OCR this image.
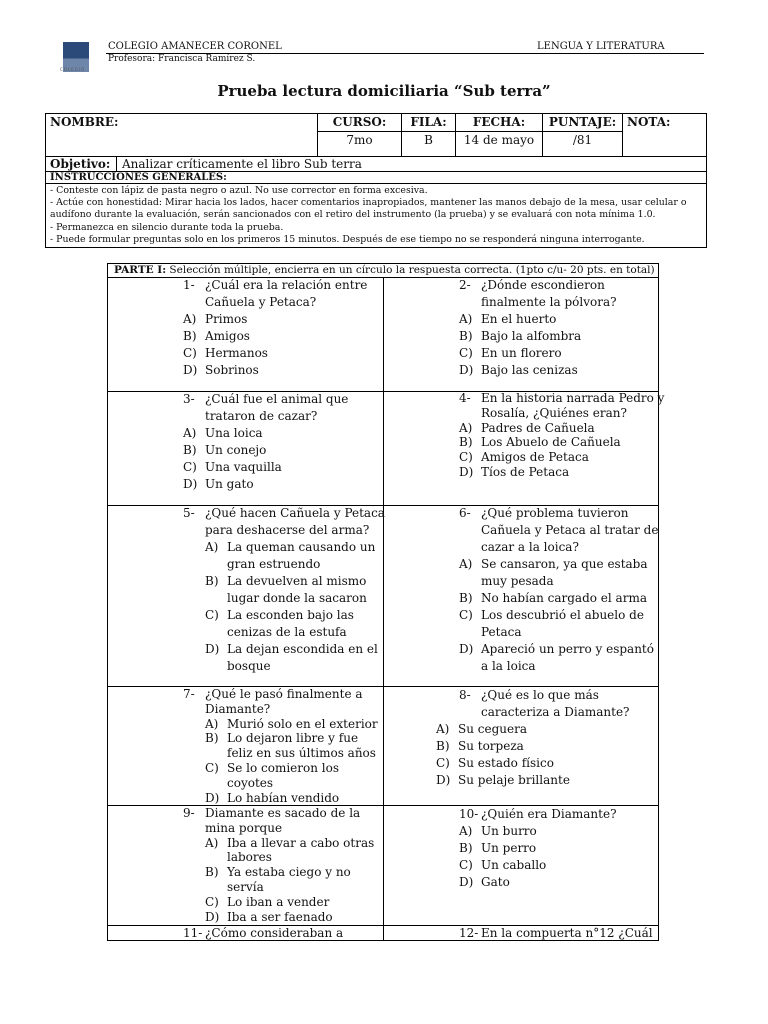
COLEGIO
COLEGIO AMANECER CORONEL	LENGUA Y LITERATURA
Profesora: Francisca Ramírez S.
Prueba lectura domiciliaria “Sub terra”
NOMBRE:	CURSO:	FILA:	FECHA:	PUNTAJE:	NOTA:
	7mo	B	14 de mayo	/81	

Objetivo: Analizar críticamente el libro Sub terra					

INSTRUCCIONES GENERALES:					

- Conteste con lápiz de pasta negro o azul. No use corrector en forma excesiva.
- Actúe con honestidad: Mirar hacia los lados, hacer comentarios inapropiados, mantener las manos debajo de la mesa, usar celular o
audífono durante la evaluación, serán sancionados con el retiro del instrumento (la prueba) y se evaluará con nota mínima 1.0.
- Permanezca en silencio durante toda la prueba.
- Puede formular preguntas solo en los primeros 15 minutos. Después de ese tiempo no se responderá ninguna interrogante.					
PARTE I: Selección múltiple, encierra en un círculo la respuesta correcta. (1pto c/u- 20 pts. en total)
1- ¿Cuál era la relación entre
Cañuela y Petaca?
A) Primos
B) Amigos
C) Hermanos
D) Sobrinos
2- ¿Dónde escondieron
finalmente la pólvora?
A) En el huerto
B) Bajo la alfombra
C) En un florero
D) Bajo las cenizas
3- ¿Cuál fue el animal que
trataron de cazar?
A) Una loica
B) Un conejo
C) Una vaquilla
D) Un gato
4- En la historia narrada Pedro y
Rosalía, ¿Quiénes eran?
A) Padres de Cañuela
B) Los Abuelo de Cañuela
C) Amigos de Petaca
D) Tíos de Petaca
5- ¿Qué hacen Cañuela y Petaca
para deshacerse del arma?
A) La queman causando un
gran estruendo
B) La devuelven al mismo
lugar donde la sacaron
C) La esconden bajo las
cenizas de la estufa
D) La dejan escondida en el
bosque
6- ¿Qué problema tuvieron
Cañuela y Petaca al tratar de
cazar a la loica?
A) Se cansaron, ya que estaba
muy pesada
B) No habían cargado el arma
C) Los descubrió el abuelo de
Petaca
D) Apareció un perro y espantó
a la loica
7- ¿Qué le pasó finalmente a
Diamante?
A) Murió solo en el exterior
B) Lo dejaron libre y fue
feliz en sus últimos años
C) Se lo comieron los
coyotes
D) Lo habían vendido
8- ¿Qué es lo que más
caracteriza a Diamante?
A) Su ceguera
B) Su torpeza
C) Su estado físico
D) Su pelaje brillante
9- Diamante es sacado de la
mina porque
A) Iba a llevar a cabo otras
labores
B) Ya estaba ciego y no
servía
C) Lo iban a vender
D) Iba a ser faenado
10- ¿Quién era Diamante?
A) Un burro
B) Un perro
C) Un caballo
D) Gato
11- ¿Cómo consideraban a	12- En la compuerta n°12 ¿Cuál
